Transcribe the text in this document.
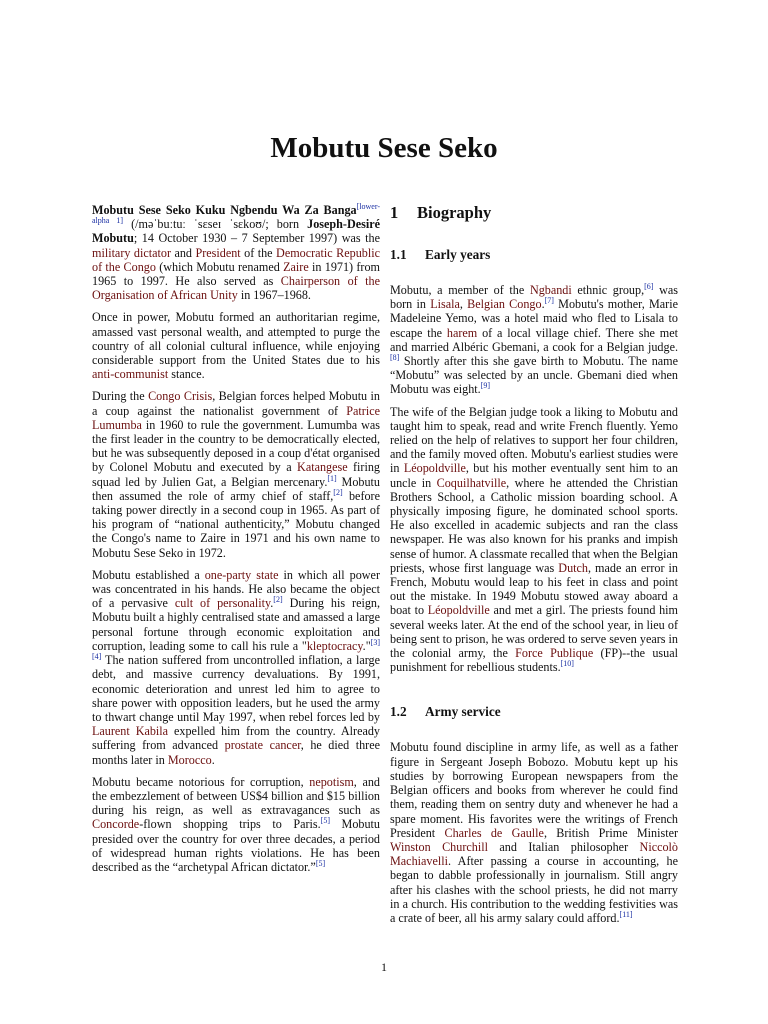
Mobutu Sese Seko

Mobutu Sese Seko Kuku Ngbendu Wa Za Banga[lower-alpha 1] (/məˈbuːtuː ˈsɛseɪ ˈsɛkoʊ/; born Joseph-Desiré Mobutu; 14 October 1930 – 7 September 1997) was the military dictator and President of the Democratic Republic of the Congo (which Mobutu renamed Zaire in 1971) from 1965 to 1997. He also served as Chairperson of the Organisation of African Unity in 1967–1968.

Once in power, Mobutu formed an authoritarian regime, amassed vast personal wealth, and attempted to purge the country of all colonial cultural influence, while enjoying considerable support from the United States due to his anti-communist stance.

During the Congo Crisis, Belgian forces helped Mobutu in a coup against the nationalist government of Patrice Lumumba in 1960 to rule the government. Lumumba was the first leader in the country to be democratically elected, but he was subsequently deposed in a coup d'état organised by Colonel Mobutu and executed by a Katangese firing squad led by Julien Gat, a Belgian mercenary.[1] Mobutu then assumed the role of army chief of staff,[2] before taking power directly in a second coup in 1965. As part of his program of “national authenticity,” Mobutu changed the Congo's name to Zaire in 1971 and his own name to Mobutu Sese Seko in 1972.

Mobutu established a one-party state in which all power was concentrated in his hands. He also became the object of a pervasive cult of personality.[2] During his reign, Mobutu built a highly centralised state and amassed a large personal fortune through economic exploitation and corruption, leading some to call his rule a "kleptocracy."[3][4] The nation suffered from uncontrolled inflation, a large debt, and massive currency devaluations. By 1991, economic deterioration and unrest led him to agree to share power with opposition leaders, but he used the army to thwart change until May 1997, when rebel forces led by Laurent Kabila expelled him from the country. Already suffering from advanced prostate cancer, he died three months later in Morocco.

Mobutu became notorious for corruption, nepotism, and the embezzlement of between US$4 billion and $15 billion during his reign, as well as extravagances such as Concorde-flown shopping trips to Paris.[5] Mobutu presided over the country for over three decades, a period of widespread human rights violations. He has been described as the “archetypal African dictator.”[5]

1	Biography
1.1	Early years

Mobutu, a member of the Ngbandi ethnic group,[6] was born in Lisala, Belgian Congo.[7] Mobutu's mother, Marie Madeleine Yemo, was a hotel maid who fled to Lisala to escape the harem of a local village chief. There she met and married Albéric Gbemani, a cook for a Belgian judge.[8] Shortly after this she gave birth to Mobutu. The name “Mobutu” was selected by an uncle. Gbemani died when Mobutu was eight.[9]

The wife of the Belgian judge took a liking to Mobutu and taught him to speak, read and write French fluently. Yemo relied on the help of relatives to support her four children, and the family moved often. Mobutu's earliest studies were in Léopoldville, but his mother eventually sent him to an uncle in Coquilhatville, where he attended the Christian Brothers School, a Catholic mission boarding school. A physically imposing figure, he dominated school sports. He also excelled in academic subjects and ran the class newspaper. He was also known for his pranks and impish sense of humor. A classmate recalled that when the Belgian priests, whose first language was Dutch, made an error in French, Mobutu would leap to his feet in class and point out the mistake. In 1949 Mobutu stowed away aboard a boat to Léopoldville and met a girl. The priests found him several weeks later. At the end of the school year, in lieu of being sent to prison, he was ordered to serve seven years in the colonial army, the Force Publique (FP)--the usual punishment for rebellious students.[10]

1.2	Army service

Mobutu found discipline in army life, as well as a father figure in Sergeant Joseph Bobozo. Mobutu kept up his studies by borrowing European newspapers from the Belgian officers and books from wherever he could find them, reading them on sentry duty and whenever he had a spare moment. His favorites were the writings of French President Charles de Gaulle, British Prime Minister Winston Churchill and Italian philosopher Niccolò Machiavelli. After passing a course in accounting, he began to dabble professionally in journalism. Still angry after his clashes with the school priests, he did not marry in a church. His contribution to the wedding festivities was a crate of beer, all his army salary could afford.[11]

1
